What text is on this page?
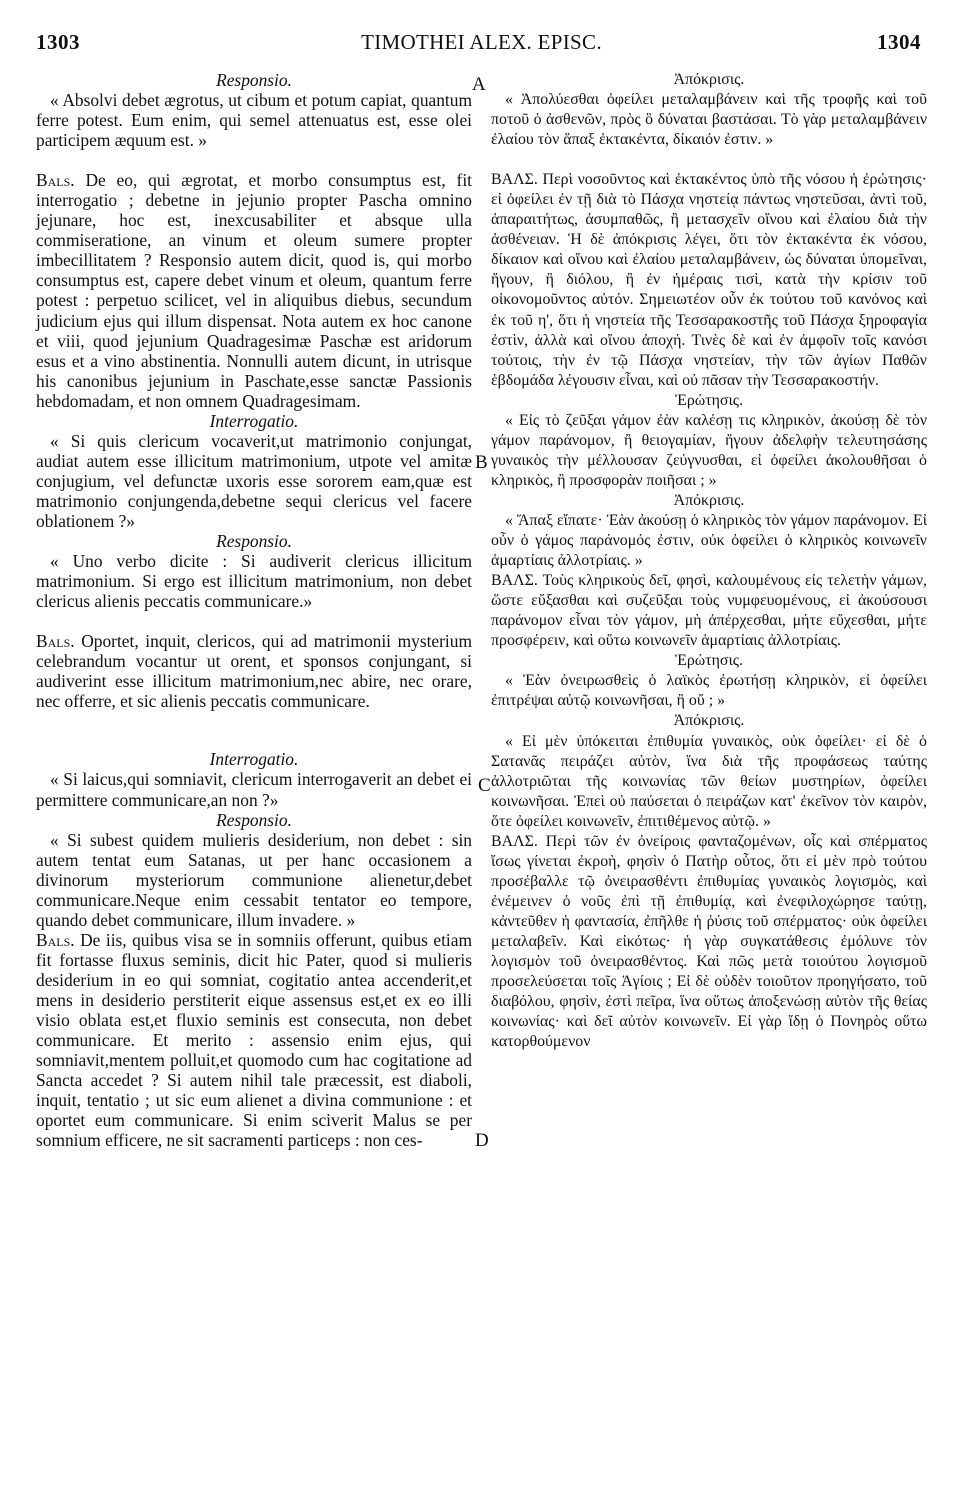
1303	TIMOTHEI ALEX. EPISC.	1304
A
B
C
D

Responsio.

« Absolvi debet ægrotus, ut cibum et potum capiat, quantum ferre potest. Eum enim, qui semel attenuatus est, esse olei participem æquum est. »

Bals. De eo, qui ægrotat, et morbo consumptus est, fit interrogatio ; debetne in jejunio propter Pascha omnino jejunare, hoc est, inexcusabiliter et absque ulla commiseratione, an vinum et oleum sumere propter imbecillitatem ? Responsio autem dicit, quod is, qui morbo consumptus est, capere debet vinum et oleum, quantum ferre potest : perpetuo scilicet, vel in aliquibus diebus, secundum judicium ejus qui illum dispensat. Nota autem ex hoc canone et viii, quod jejunium Quadragesimæ Paschæ est aridorum esus et a vino abstinentia. Nonnulli autem dicunt, in utrisque his canonibus jejunium in Paschate,esse sanctæ Passionis hebdomadam, et non omnem Quadragesimam.

Interrogatio.

« Si quis clericum vocaverit,ut matrimonio conjungat, audiat autem esse illicitum matrimonium, utpote vel amitæ conjugium, vel defunctæ uxoris esse sororem eam,quæ est matrimonio conjungenda,debetne sequi clericus vel facere oblationem ?»

Responsio.

« Uno verbo dicite : Si audiverit clericus illicitum matrimonium. Si ergo est illicitum matrimonium, non debet clericus alienis peccatis communicare.»

Bals. Oportet, inquit, clericos, qui ad matrimonii mysterium celebrandum vocantur ut orent, et sponsos conjungant, si audiverint esse illicitum matrimonium,nec abire, nec orare, nec offerre, et sic alienis peccatis communicare.

Interrogatio.

« Si laicus,qui somniavit, clericum interrogaverit an debet ei permittere communicare,an non ?»

Responsio.

« Si subest quidem mulieris desiderium, non debet : sin autem tentat eum Satanas, ut per hanc occasionem a divinorum mysteriorum communione alienetur,debet communicare.Neque enim cessabit tentator eo tempore, quando debet communicare, illum invadere. »

Bals. De iis, quibus visa se in somniis offerunt, quibus etiam fit fortasse fluxus seminis, dicit hic Pater, quod si mulieris desiderium in eo qui somniat, cogitatio antea accenderit,et mens in desiderio perstiterit eique assensus est,et ex eo illi visio oblata est,et fluxio seminis est consecuta, non debet communicare. Et merito : assensio enim ejus, qui somniavit,mentem polluit,et quomodo cum hac cogitatione ad Sancta accedet ? Si autem nihil tale præcessit, est diaboli, inquit, tentatio ; ut sic eum alienet a divina communione : et oportet eum communicare. Si enim sciverit Malus se per somnium efficere, ne sit sacramenti particeps : non ces-

Ἀπόκρισις.

« Ἀπολύεσθαι ὀφείλει μεταλαμβάνειν καὶ τῆς τροφῆς καὶ τοῦ ποτοῦ ὁ ἀσθενῶν, πρὸς ὃ δύναται βαστάσαι. Τὸ γὰρ μεταλαμβάνειν ἐλαίου τὸν ἅπαξ ἐκτακέντα, δίκαιόν ἐστιν. »

ΒΑΛΣ. Περὶ νοσοῦντος καὶ ἐκτακέντος ὑπὸ τῆς νόσου ἡ ἐρώτησις· εἰ ὀφείλει ἐν τῇ διὰ τὸ Πάσχα νηστείᾳ πάντως νηστεῦσαι, ἀντὶ τοῦ, ἀπαραιτήτως, ἀσυμπαθῶς, ἢ μετασχεῖν οἴνου καὶ ἐλαίου διὰ τὴν ἀσθένειαν. Ἡ δὲ ἀπόκρισις λέγει, ὅτι τὸν ἐκτακέντα ἐκ νόσου, δίκαιον καὶ οἴνου καὶ ἐλαίου μεταλαμβάνειν, ὡς δύναται ὑπομεῖναι, ἤγουν, ἢ διόλου, ἢ ἐν ἡμέραις τισὶ, κατὰ τὴν κρίσιν τοῦ οἰκονομοῦντος αὐτόν. Σημειωτέον οὖν ἐκ τούτου τοῦ κανόνος καὶ ἐκ τοῦ η', ὅτι ἡ νηστεία τῆς Τεσσαρακοστῆς τοῦ Πάσχα ξηροφαγία ἐστὶν, ἀλλὰ καὶ οἴνου ἀποχή. Τινὲς δὲ καὶ ἐν ἀμφοῖν τοῖς κανόσι τούτοις, τὴν ἐν τῷ Πάσχα νηστείαν, τὴν τῶν ἁγίων Παθῶν ἑβδομάδα λέγουσιν εἶναι, καὶ οὐ πᾶσαν τὴν Τεσσαρακοστήν.

Ἐρώτησις.

« Εἰς τὸ ζεῦξαι γάμον ἐὰν καλέσῃ τις κληρικὸν, ἀκούσῃ δὲ τὸν γάμον παράνομον, ἢ θειογαμίαν, ἤγουν ἀδελφὴν τελευτησάσης γυναικὸς τὴν μέλλουσαν ζεύγνυσθαι, εἰ ὀφείλει ἀκολουθῆσαι ὁ κληρικὸς, ἢ προσφορὰν ποιῆσαι ; »

Ἀπόκρισις.

« Ἅπαξ εἴπατε· Ἐὰν ἀκούσῃ ὁ κληρικὸς τὸν γάμον παράνομον. Εἰ οὖν ὁ γάμος παράνομός ἐστιν, οὐκ ὀφείλει ὁ κληρικὸς κοινωνεῖν ἁμαρτίαις ἀλλοτρίαις. »

ΒΑΛΣ. Τοὺς κληρικοὺς δεῖ, φησὶ, καλουμένους εἰς τελετὴν γάμων, ὥστε εὔξασθαι καὶ συζεῦξαι τοὺς νυμφευομένους, εἰ ἀκούσουσι παράνομον εἶναι τὸν γάμον, μὴ ἀπέρχεσθαι, μήτε εὔχεσθαι, μήτε προσφέρειν, καὶ οὕτω κοινωνεῖν ἁμαρτίαις ἀλλοτρίαις.

Ἐρώτησις.

« Ἐὰν ὀνειρωσθεὶς ὁ λαϊκὸς ἐρωτήσῃ κληρικὸν, εἰ ὀφείλει ἐπιτρέψαι αὐτῷ κοινωνῆσαι, ἢ οὔ ; »

Ἀπόκρισις.

« Εἰ μὲν ὑπόκειται ἐπιθυμία γυναικὸς, οὐκ ὀφείλει· εἰ δὲ ὁ Σατανᾶς πειράζει αὐτὸν, ἵνα διὰ τῆς προφάσεως ταύτης ἀλλοτριῶται τῆς κοινωνίας τῶν θείων μυστηρίων, ὀφείλει κοινωνῆσαι. Ἐπεὶ οὐ παύσεται ὁ πειράζων κατ' ἐκεῖνον τὸν καιρὸν, ὅτε ὀφείλει κοινωνεῖν, ἐπιτιθέμενος αὐτῷ. »

ΒΑΛΣ. Περὶ τῶν ἐν ὀνείροις φανταζομένων, οἷς καὶ σπέρματος ἴσως γίνεται ἐκροὴ, φησὶν ὁ Πατὴρ οὗτος, ὅτι εἰ μὲν πρὸ τούτου προσέβαλλε τῷ ὀνειρασθέντι ἐπιθυμίας γυναικὸς λογισμὸς, καὶ ἐνέμεινεν ὁ νοῦς ἐπὶ τῇ ἐπιθυμίᾳ, καὶ ἐνεφιλοχώρησε ταύτῃ, κἀντεῦθεν ἡ φαντασία, ἐπῆλθε ἡ ῥύσις τοῦ σπέρματος· οὐκ ὀφείλει μεταλαβεῖν. Καὶ εἰκότως· ἡ γὰρ συγκατάθεσις ἐμόλυνε τὸν λογισμὸν τοῦ ὀνειρασθέντος. Καὶ πῶς μετὰ τοιούτου λογισμοῦ προσελεύσεται τοῖς Ἁγίοις ; Εἰ δὲ οὐδὲν τοιοῦτον προηγήσατο, τοῦ διαβόλου, φησὶν, ἐστὶ πεῖρα, ἵνα οὕτως ἀποξενώσῃ αὐτὸν τῆς θείας κοινωνίας· καὶ δεῖ αὐτὸν κοινωνεῖν. Εἰ γὰρ ἴδῃ ὁ Πονηρὸς οὕτω κατορθούμενον
